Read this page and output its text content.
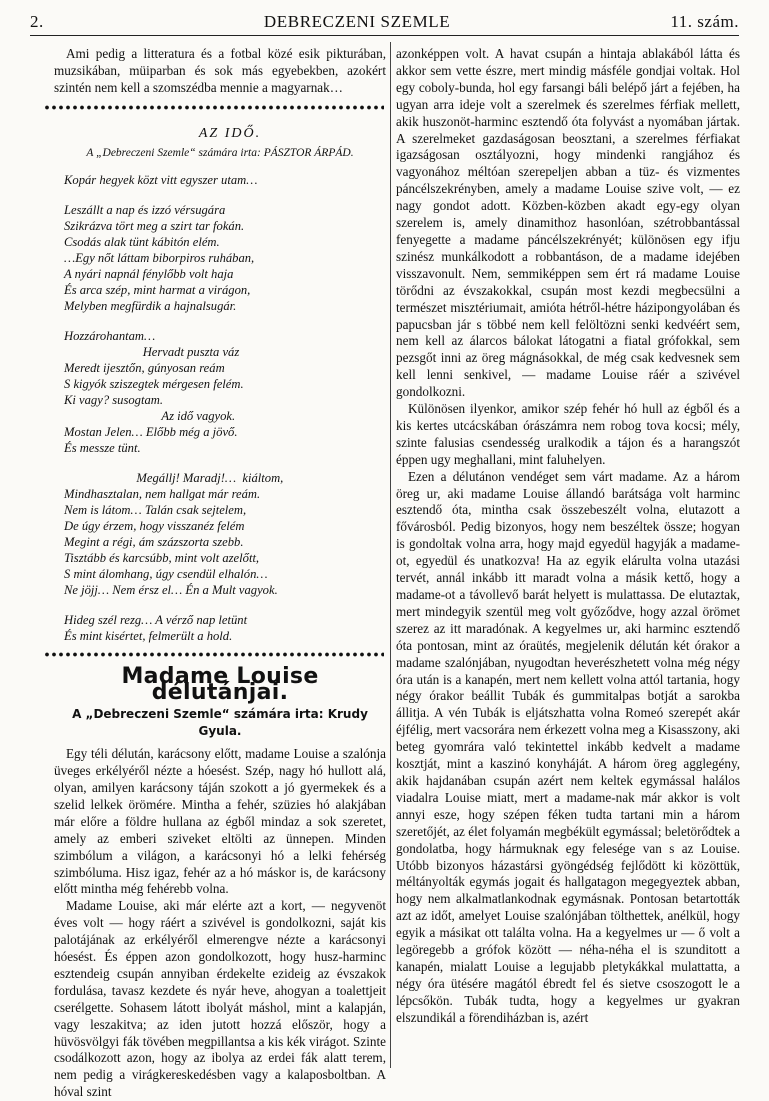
2.	DEBRECZENI SZEMLE	11. szám.

Ami pedig a litteratura és a fotbal közé esik pikturában, muzsikában, müiparban és sok más egyebekben, azokért szintén nem kell a szomszédba mennie a magyarnak…

AZ IDŐ.
A „Debreczeni Szemle“ számára irta: PÁSZTOR ÁRPÁD.
Kopár hegyek közt vitt egyszer utam…
Leszállt a nap és izzó vérsugára
Szikrázva tört meg a szirt tar fokán.
Csodás alak tünt kábitón elém.
…Egy nőt láttam biborpiros ruhában,
A nyári napnál fénylőbb volt haja
És arca szép, mint harmat a virágon,
Melyben megfürdik a hajnalsugár.
Hozzárohantam…
Hervadt puszta váz
Meredt ijesztőn, gúnyosan reám
S kigyók sziszegtek mérgesen felém.
Ki vagy? susogtam.
Az idő vagyok.
Mostan Jelen… Előbb még a jövő.
És messze tünt.
Megállj! Maradj!…  kiáltom,
Mindhasztalan, nem hallgat már reám.
Nem is látom… Talán csak sejtelem,
De úgy érzem, hogy visszanéz felém
Megint a régi, ám százszorta szebb.
Tisztább és karcsúbb, mint volt azelőtt,
S mint álomhang, úgy csendül elhalón…
Ne jöjj… Nem érsz el… Én a Mult vagyok.
Hideg szél rezg… A vérző nap letünt
És mint kisértet, felmerült a hold.
Madame Louise délutánjai.
A „Debreczeni Szemle“ számára irta: Krudy Gyula.

Egy téli délután, karácsony előtt, madame Louise a szalónja üveges erkélyéről nézte a hóesést. Szép, nagy hó hullott alá, olyan, amilyen karácsony táján szokott a jó gyermekek és a szelid lelkek örömére. Mintha a fehér, szüzies hó alakjában már előre a földre hullana az égből mindaz a sok szeretet, amely az emberi sziveket eltölti az ünnepen. Minden szimbólum a világon, a karácsonyi hó a lelki fehérség szimbóluma. Hisz igaz, fehér az a hó máskor is, de karácsony előtt mintha még fehérebb volna.

Madame Louise, aki már elérte azt a kort, — negyvenöt éves volt — hogy ráért a szivével is gondolkozni, saját kis palotájának az erkélyéről elmerengve nézte a karácsonyi hóesést. És éppen azon gondolkozott, hogy husz-harminc esztendeig csupán annyiban érdekelte ezideig az évszakok fordulása, tavasz kezdete és nyár heve, ahogyan a toalettjeit cserélgette. Sohasem látott ibolyát máshol, mint a kalapján, vagy leszakitva; az iden jutott hozzá először, hogy a hüvösvölgyi fák tövében megpillantsa a kis kék virágot. Szinte csodálkozott azon, hogy az ibolya az erdei fák alatt terem, nem pedig a virágkereskedésben vagy a kalaposboltban. A hóval szint

azonképpen volt. A havat csupán a hintaja ablakából látta és akkor sem vette észre, mert mindig másféle gondjai voltak. Hol egy coboly-bunda, hol egy farsangi báli belépő járt a fejében, ha ugyan arra ideje volt a szerelmek és szerelmes férfiak mellett, akik huszonöt-harminc esztendő óta folyvást a nyomában jártak. A szerelmeket gazdaságosan beosztani, a szerelmes férfiakat igazságosan osztályozni, hogy mindenki rangjához és vagyonához méltóan szerepeljen abban a tüz- és vizmentes páncélszekrényben, amely a madame Louise szive volt, — ez nagy gondot adott. Közben-közben akadt egy-egy olyan szerelem is, amely dinamithoz hasonlóan, szétrobbantással fenyegette a madame páncélszekrényét; különösen egy ifju szinész munkálkodott a robbantáson, de a madame idejében visszavonult. Nem, semmiképpen sem ért rá madame Louise törődni az évszakokkal, csupán most kezdi megbecsülni a természet misztériumait, amióta hétről-hétre házipongyolában és papucsban jár s többé nem kell felöltözni senki kedvéért sem, nem kell az álarcos bálokat látogatni a fiatal grófokkal, sem pezsgőt inni az öreg mágnásokkal, de még csak kedvesnek sem kell lenni senkivel, — madame Louise ráér a szivével gondolkozni.

Különösen ilyenkor, amikor szép fehér hó hull az égből és a kis kertes utcácskában órászámra nem robog tova kocsi; mély, szinte falusias csendesség uralkodik a tájon és a harangszót éppen ugy meghallani, mint faluhelyen.

Ezen a délutánon vendéget sem várt madame. Az a három öreg ur, aki madame Louise állandó barátsága volt harminc esztendő óta, mintha csak összebeszélt volna, elutazott a fővárosból. Pedig bizonyos, hogy nem beszéltek össze; hogyan is gondoltak volna arra, hogy majd egyedül hagyják a madame-ot, egyedül és unatkozva! Ha az egyik elárulta volna utazási tervét, annál inkább itt maradt volna a másik kettő, hogy a madame-ot a távollevő barát helyett is mulattassa. De elutaztak, mert mindegyik szentül meg volt győződve, hogy azzal örömet szerez az itt maradónak. A kegyelmes ur, aki harminc esztendő óta pontosan, mint az óraütés, megjelenik délután két órakor a madame szalónjában, nyugodtan heverészhetett volna még négy óra után is a kanapén, mert nem kellett volna attól tartania, hogy négy órakor beállit Tubák és gummitalpas botját a sarokba állitja. A vén Tubák is eljátszhatta volna Romeó szerepét akár éjfélig, mert vacsorára nem érkezett volna meg a Kisasszony, aki beteg gyomrára való tekintettel inkább kedvelt a madame kosztját, mint a kaszinó konyháját. A három öreg agglegény, akik hajdanában csupán azért nem keltek egymással halálos viadalra Louise miatt, mert a madame-nak már akkor is volt annyi esze, hogy szépen féken tudta tartani min a három szeretőjét, az élet folyamán megbékült egymással; beletörődtek a gondolatba, hogy hármuknak egy felesége van s az Louise. Utóbb bizonyos házastársi gyöngédség fejlődött ki közöttük, méltányolták egymás jogait és hallgatagon megegyeztek abban, hogy nem alkalmatlankodnak egymásnak. Pontosan betartották azt az időt, amelyet Louise szalónjában tölthettek, anélkül, hogy egyik a másikat ott találta volna. Ha a kegyelmes ur — ő volt a legöregebb a grófok között — néha-néha el is szunditott a kanapén, mialatt Louise a legujabb pletykákkal mulattatta, a négy óra ütésére magától ébredt fel és sietve csoszogott le a lépcsőkön. Tubák tudta, hogy a kegyelmes ur gyakran elszundikál a förendiházban is, azért
